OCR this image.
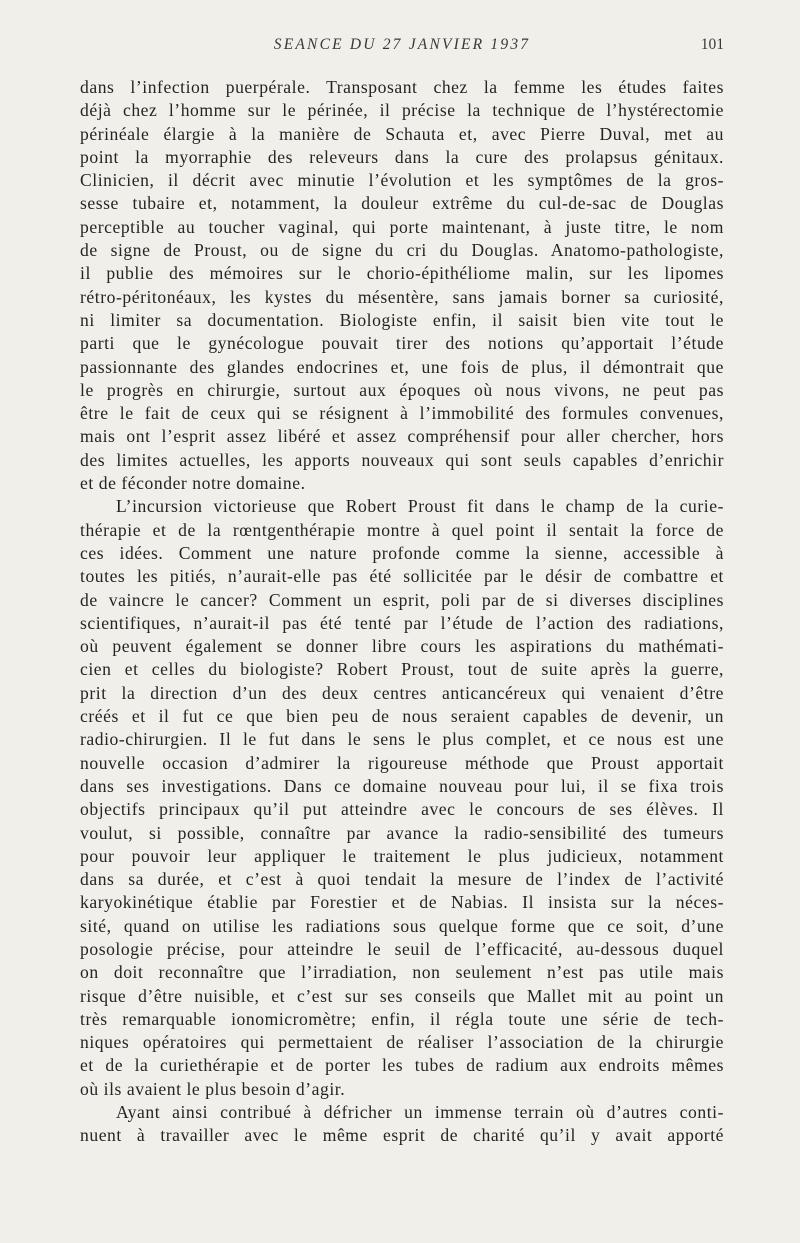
SEANCE DU 27 JANVIER 1937	101
dans l’infection puerpérale. Transposant chez la femme les études faites
déjà chez l’homme sur le périnée, il précise la technique de l’hystérectomie
périnéale élargie à la manière de Schauta et, avec Pierre Duval, met au
point la myorraphie des releveurs dans la cure des prolapsus génitaux.
Clinicien, il décrit avec minutie l’évolution et les symptômes de la gros-
sesse tubaire et, notamment, la douleur extrême du cul-de-sac de Douglas
perceptible au toucher vaginal, qui porte maintenant, à juste titre, le nom
de signe de Proust, ou de signe du cri du Douglas. Anatomo-pathologiste,
il publie des mémoires sur le chorio-épithéliome malin, sur les lipomes
rétro-péritonéaux, les kystes du mésentère, sans jamais borner sa curiosité,
ni limiter sa documentation. Biologiste enfin, il saisit bien vite tout le
parti que le gynécologue pouvait tirer des notions qu’apportait l’étude
passionnante des glandes endocrines et, une fois de plus, il démontrait que
le progrès en chirurgie, surtout aux époques où nous vivons, ne peut pas
être le fait de ceux qui se résignent à l’immobilité des formules convenues,
mais ont l’esprit assez libéré et assez compréhensif pour aller chercher, hors
des limites actuelles, les apports nouveaux qui sont seuls capables d’enrichir
et de féconder notre domaine.
L’incursion victorieuse que Robert Proust fit dans le champ de la curie-
thérapie et de la rœntgenthérapie montre à quel point il sentait la force de
ces idées. Comment une nature profonde comme la sienne, accessible à
toutes les pitiés, n’aurait-elle pas été sollicitée par le désir de combattre et
de vaincre le cancer? Comment un esprit, poli par de si diverses disciplines
scientifiques, n’aurait-il pas été tenté par l’étude de l’action des radiations,
où peuvent également se donner libre cours les aspirations du mathémati-
cien et celles du biologiste? Robert Proust, tout de suite après la guerre,
prit la direction d’un des deux centres anticancéreux qui venaient d’être
créés et il fut ce que bien peu de nous seraient capables de devenir, un
radio-chirurgien. Il le fut dans le sens le plus complet, et ce nous est une
nouvelle occasion d’admirer la rigoureuse méthode que Proust apportait
dans ses investigations. Dans ce domaine nouveau pour lui, il se fixa trois
objectifs principaux qu’il put atteindre avec le concours de ses élèves. Il
voulut, si possible, connaître par avance la radio-sensibilité des tumeurs
pour pouvoir leur appliquer le traitement le plus judicieux, notamment
dans sa durée, et c’est à quoi tendait la mesure de l’index de l’activité
karyokinétique établie par Forestier et de Nabias. Il insista sur la néces-
sité, quand on utilise les radiations sous quelque forme que ce soit, d’une
posologie précise, pour atteindre le seuil de l’efficacité, au-dessous duquel
on doit reconnaître que l’irradiation, non seulement n’est pas utile mais
risque d’être nuisible, et c’est sur ses conseils que Mallet mit au point un
très remarquable ionomicromètre; enfin, il régla toute une série de tech-
niques opératoires qui permettaient de réaliser l’association de la chirurgie
et de la curiethérapie et de porter les tubes de radium aux endroits mêmes
où ils avaient le plus besoin d’agir.
Ayant ainsi contribué à défricher un immense terrain où d’autres conti-
nuent à travailler avec le même esprit de charité qu’il y avait apporté
